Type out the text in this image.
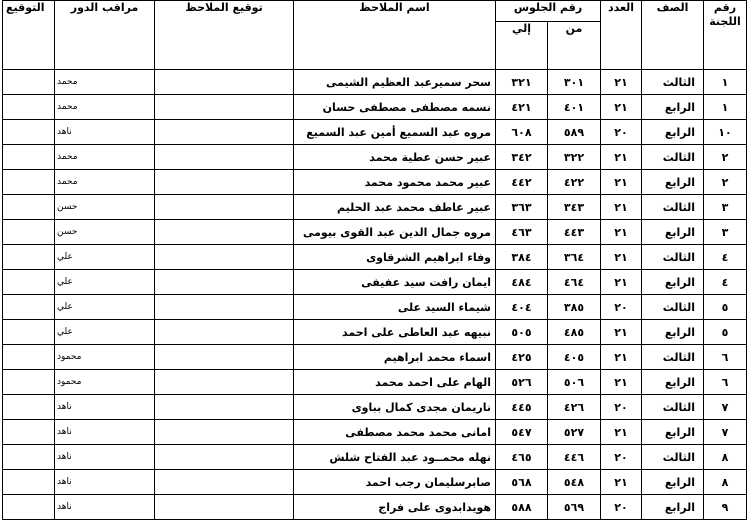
التوقيع	مراقب الدور	توقيع الملاحظ	اسم الملاحظ	رقم الجلوس		العدد	الصف	رقم اللجنة
				إلي	من			
	محمد		سحر سميرعبد العظيم الشيمى	٣٢١	٣٠١	٢١	الثالث	١
	محمد		نسمه مصطفى مصطفى حسان	٤٢١	٤٠١	٢١	الرابع	١
	ناهد		مروه عبد السميع أمين عبد السميع	٦٠٨	٥٨٩	٢٠	الرابع	١٠
	محمد		عبير حسن عطية محمد	٣٤٢	٣٢٢	٢١	الثالث	٢
	محمد		عبير محمد محمود محمد	٤٤٢	٤٢٢	٢١	الرابع	٢
	حسن		عبير عاطف محمد عبد الحليم	٣٦٣	٣٤٣	٢١	الثالث	٣
	حسن		مروه جمال الدين عبد القوى بيومى	٤٦٣	٤٤٣	٢١	الرابع	٣
	علي		وفاء ابراهيم الشرقاوى	٣٨٤	٣٦٤	٢١	الثالث	٤
	علي		ايمان رافت سيد عفيفى	٤٨٤	٤٦٤	٢١	الرابع	٤
	علي		شيماء السيد على	٤٠٤	٣٨٥	٢٠	الثالث	٥
	علي		نبيهه عبد العاطى على احمد	٥٠٥	٤٨٥	٢١	الرابع	٥
	محمود		اسماء محمد ابراهيم	٤٢٥	٤٠٥	٢١	الثالث	٦
	محمود		الهام على احمد محمد	٥٢٦	٥٠٦	٢١	الرابع	٦
	ناهد		ناريمان مجدى كمال بباوى	٤٤٥	٤٢٦	٢٠	الثالث	٧
	ناهد		امانى محمد محمد مصطفى	٥٤٧	٥٢٧	٢١	الرابع	٧
	ناهد		نهله محمــود عبد الفتاح شلش	٤٦٥	٤٤٦	٢٠	الثالث	٨
	ناهد		صابرسليمان رجب احمد	٥٦٨	٥٤٨	٢١	الرابع	٨
	ناهد		هويدابدوى على فراج	٥٨٨	٥٦٩	٢٠	الرابع	٩
